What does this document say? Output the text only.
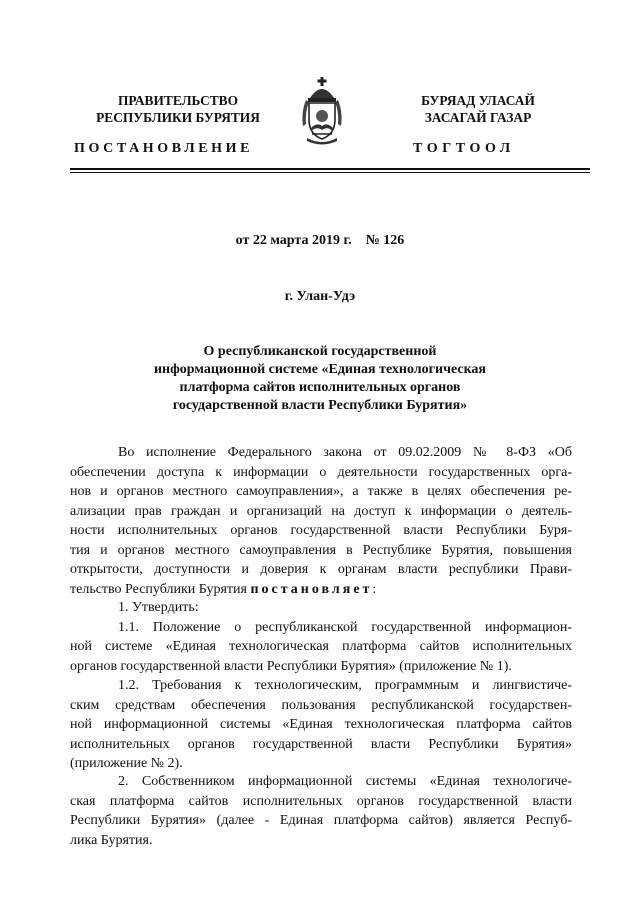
ПРАВИТЕЛЬСТВО
РЕСПУБЛИКИ БУРЯТИЯ
БУРЯАД УЛАСАЙ
ЗАСАГАЙ ГАЗАР
ПОСТАНОВЛЕНИЕ	ТОГТООЛ
от 22 марта 2019 г.    № 126
г. Улан-Удэ
О республиканской государственной
информационной системе «Единая технологическая
платформа сайтов исполнительных органов
государственной власти Республики Бурятия»
Во исполнение Федерального закона от 09.02.2009 № 8-ФЗ «Об
обеспечении доступа к информации о деятельности государственных орга-
нов и органов местного самоуправления», а также в целях обеспечения ре-
ализации прав граждан и организаций на доступ к информации о деятель-
ности исполнительных органов государственной власти Республики Буря-
тия и органов местного самоуправления в Республике Бурятия, повышения
открытости, доступности и доверия к органам власти республики Прави-
тельство Республики Бурятия постановляет:
1. Утвердить:
1.1. Положение о республиканской государственной информацион-
ной системе «Единая технологическая платформа сайтов исполнительных
органов государственной власти Республики Бурятия» (приложение № 1).
1.2. Требования к технологическим, программным и лингвистиче-
ским средствам обеспечения пользования республиканской государствен-
ной информационной системы «Единая технологическая платформа сайтов
исполнительных органов государственной власти Республики Бурятия»
(приложение № 2).
2. Собственником информационной системы «Единая технологиче-
ская платформа сайтов исполнительных органов государственной власти
Республики Бурятия» (далее - Единая платформа сайтов) является Респуб-
лика Бурятия.
